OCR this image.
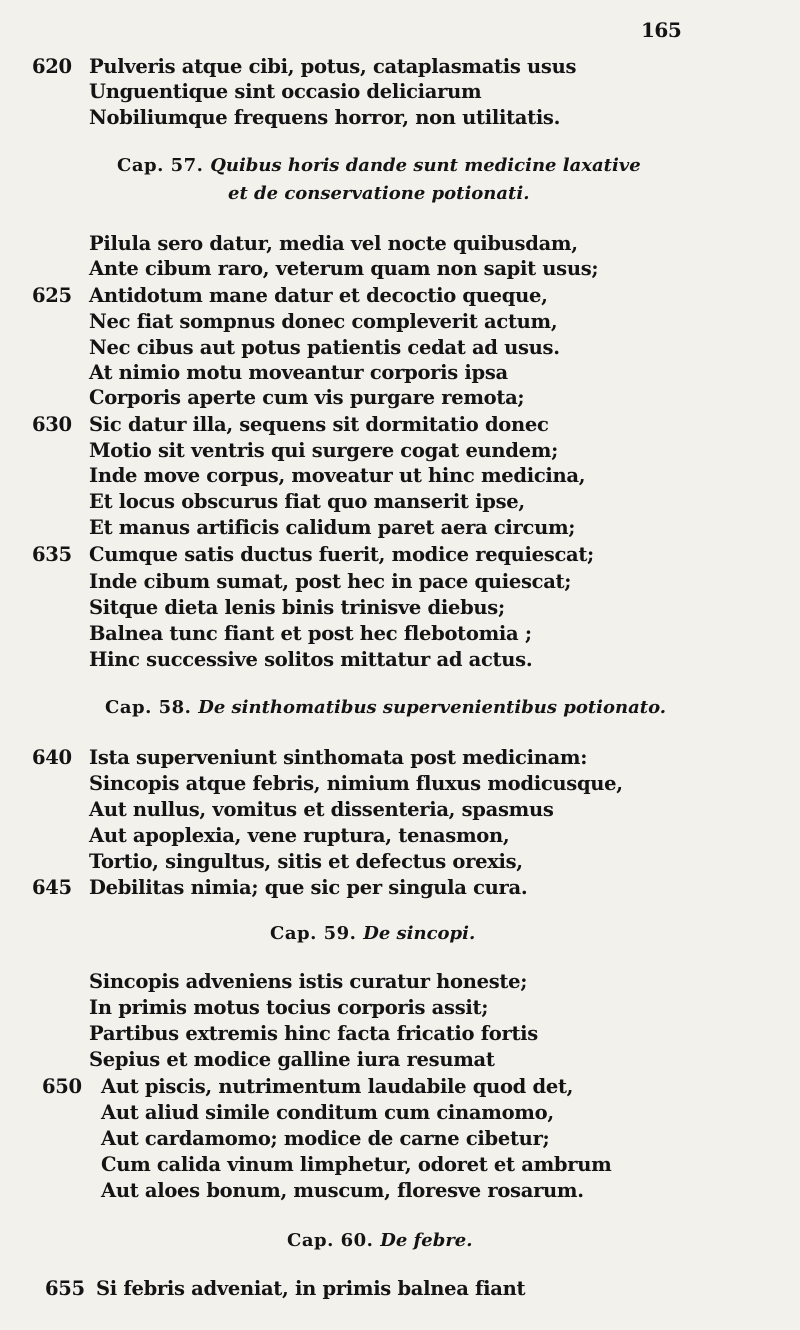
165
620 Pulveris atque cibi, potus, cataplasmatis usus
Unguentique sint occasio deliciarum
Nobiliumque frequens horror, non utilitatis.
Cap. 57. Quibus horis dande sunt medicine laxative
et de conservatione potionati.
Pilula sero datur, media vel nocte quibusdam,
Ante cibum raro, veterum quam non sapit usus;
625 Antidotum mane datur et decoctio queque,
Nec fiat sompnus donec compleverit actum,
Nec cibus aut potus patientis cedat ad usus.
At nimio motu moveantur corporis ipsa
Corporis aperte cum vis purgare remota;
630 Sic datur illa, sequens sit dormitatio donec
Motio sit ventris qui surgere cogat eundem;
Inde move corpus, moveatur ut hinc medicina,
Et locus obscurus fiat quo manserit ipse,
Et manus artificis calidum paret aera circum;
635 Cumque satis ductus fuerit, modice requiescat;
Inde cibum sumat, post hec in pace quiescat;
Sitque dieta lenis binis trinisve diebus;
Balnea tunc fiant et post hec flebotomia ;
Hinc successive solitos mittatur ad actus.
Cap. 58. De sinthomatibus supervenientibus potionato.
640 Ista superveniunt sinthomata post medicinam:
Sincopis atque febris, nimium fluxus modicusque,
Aut nullus, vomitus et dissenteria, spasmus
Aut apoplexia, vene ruptura, tenasmon,
Tortio, singultus, sitis et defectus orexis,
645 Debilitas nimia; que sic per singula cura.
Cap. 59. De sincopi.
Sincopis adveniens istis curatur honeste;
In primis motus tocius corporis assit;
Partibus extremis hinc facta fricatio fortis
Sepius et modice galline iura resumat
650 Aut piscis, nutrimentum laudabile quod det,
Aut aliud simile conditum cum cinamomo,
Aut cardamomo; modice de carne cibetur;
Cum calida vinum limphetur, odoret et ambrum
Aut aloes bonum, muscum, floresve rosarum.
Cap. 60. De febre.
655 Si febris adveniat, in primis balnea fiant
